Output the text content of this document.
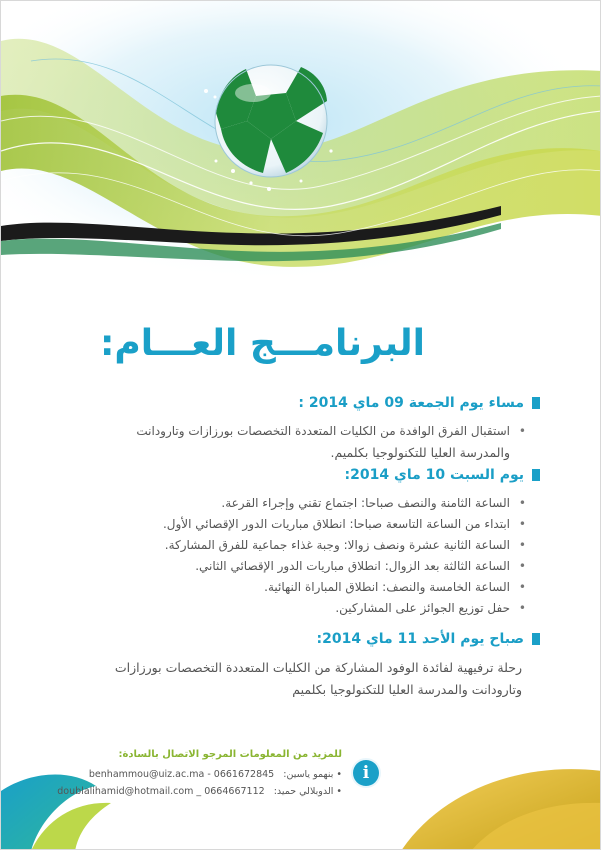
البرنامـــج العـــام:
مساء يوم الجمعة 09 ماي 2014 :
• استقبال الفرق الوافدة من الكليات المتعددة التخصصات بورزازات وتارودانت
والمدرسة العليا للتكنولوجيا بكلميم.
يوم السبت 10 ماي 2014:
• الساعة الثامنة والنصف صباحا: اجتماع تقني وإجراء القرعة.
• ابتداء من الساعة التاسعة صباحا: انطلاق مباريات الدور الإقصائي الأول.
• الساعة الثانية عشرة ونصف زوالا: وجبة غذاء جماعية للفرق المشاركة.
• الساعة الثالثة بعد الزوال: انطلاق مباريات الدور الإقصائي الثاني.
• الساعة الخامسة والنصف: انطلاق المباراة النهائية.
• حفل توزيع الجوائز على المشاركين.
صباح يوم الأحد 11 ماي 2014:
رحلة ترفيهية لفائدة الوفود المشاركة من الكليات المتعددة التخصصات بورزازات
وتارودانت والمدرسة العليا للتكنولوجيا بكلميم
i
للمزيد من المعلومات المرجو الاتصال بالسادة:
• بنهمو ياسين: 0661672845 - benhammou@uiz.ac.ma
• الدوبلالي حميد: 0664667112 _ doublalihamid@hotmail.com
